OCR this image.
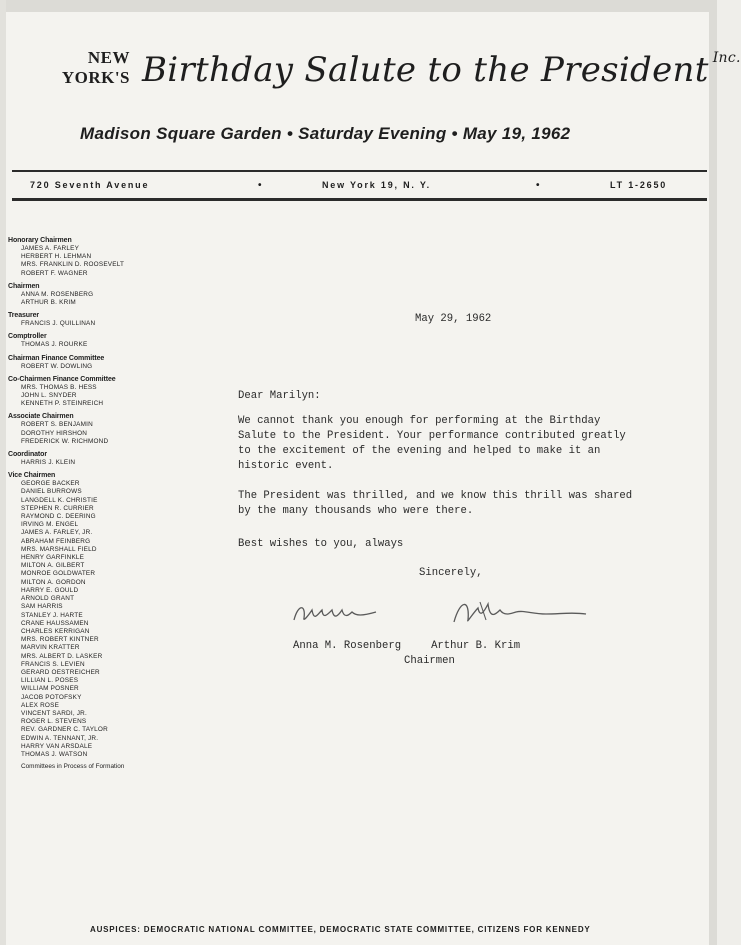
NEW
YORK'S Birthday Salute to the President $^{Inc.}$
Madison Square Garden • Saturday Evening • May 19, 1962
720 Seventh Avenue	•	New York 19, N. Y.	•	LT 1-2650
Honorary Chairmen
JAMES A. FARLEY
HERBERT H. LEHMAN
MRS. FRANKLIN D. ROOSEVELT
ROBERT F. WAGNER
Chairmen
ANNA M. ROSENBERG
ARTHUR B. KRIM
Treasurer
FRANCIS J. QUILLINAN
Comptroller
THOMAS J. ROURKE
Chairman Finance Committee
ROBERT W. DOWLING
Co-Chairmen Finance Committee
MRS. THOMAS B. HESS
JOHN L. SNYDER
KENNETH P. STEINREICH
Associate Chairmen
ROBERT S. BENJAMIN
DOROTHY HIRSHON
FREDERICK W. RICHMOND
Coordinator
HARRIS J. KLEIN
Vice Chairmen
GEORGE BACKER
DANIEL BURROWS
LANGDELL K. CHRISTIE
STEPHEN R. CURRIER
RAYMOND C. DEERING
IRVING M. ENGEL
JAMES A. FARLEY, JR.
ABRAHAM FEINBERG
MRS. MARSHALL FIELD
HENRY GARFINKLE
MILTON A. GILBERT
MONROE GOLDWATER
MILTON A. GORDON
HARRY E. GOULD
ARNOLD GRANT
SAM HARRIS
STANLEY J. HARTE
CRANE HAUSSAMEN
CHARLES KERRIGAN
MRS. ROBERT KINTNER
MARVIN KRATTER
MRS. ALBERT D. LASKER
FRANCIS S. LEVIEN
GERARD OESTREICHER
LILLIAN L. POSES
WILLIAM POSNER
JACOB POTOFSKY
ALEX ROSE
VINCENT SARDI, JR.
ROGER L. STEVENS
REV. GARDNER C. TAYLOR
EDWIN A. TENNANT, JR.
HARRY VAN ARSDALE
THOMAS J. WATSON
Committees in Process of Formation
May 29, 1962
Dear Marilyn:
We cannot thank you enough for performing at the Birthday Salute to the President. Your performance contributed greatly to the excitement of the evening and helped to make it an historic event.
The President was thrilled, and we know this thrill was shared by the many thousands who were there.
Best wishes to you, always
Sincerely,
Anna M. Rosenberg	Arthur B. Krim
Chairmen
AUSPICES: DEMOCRATIC NATIONAL COMMITTEE, DEMOCRATIC STATE COMMITTEE, CITIZENS FOR KENNEDY
